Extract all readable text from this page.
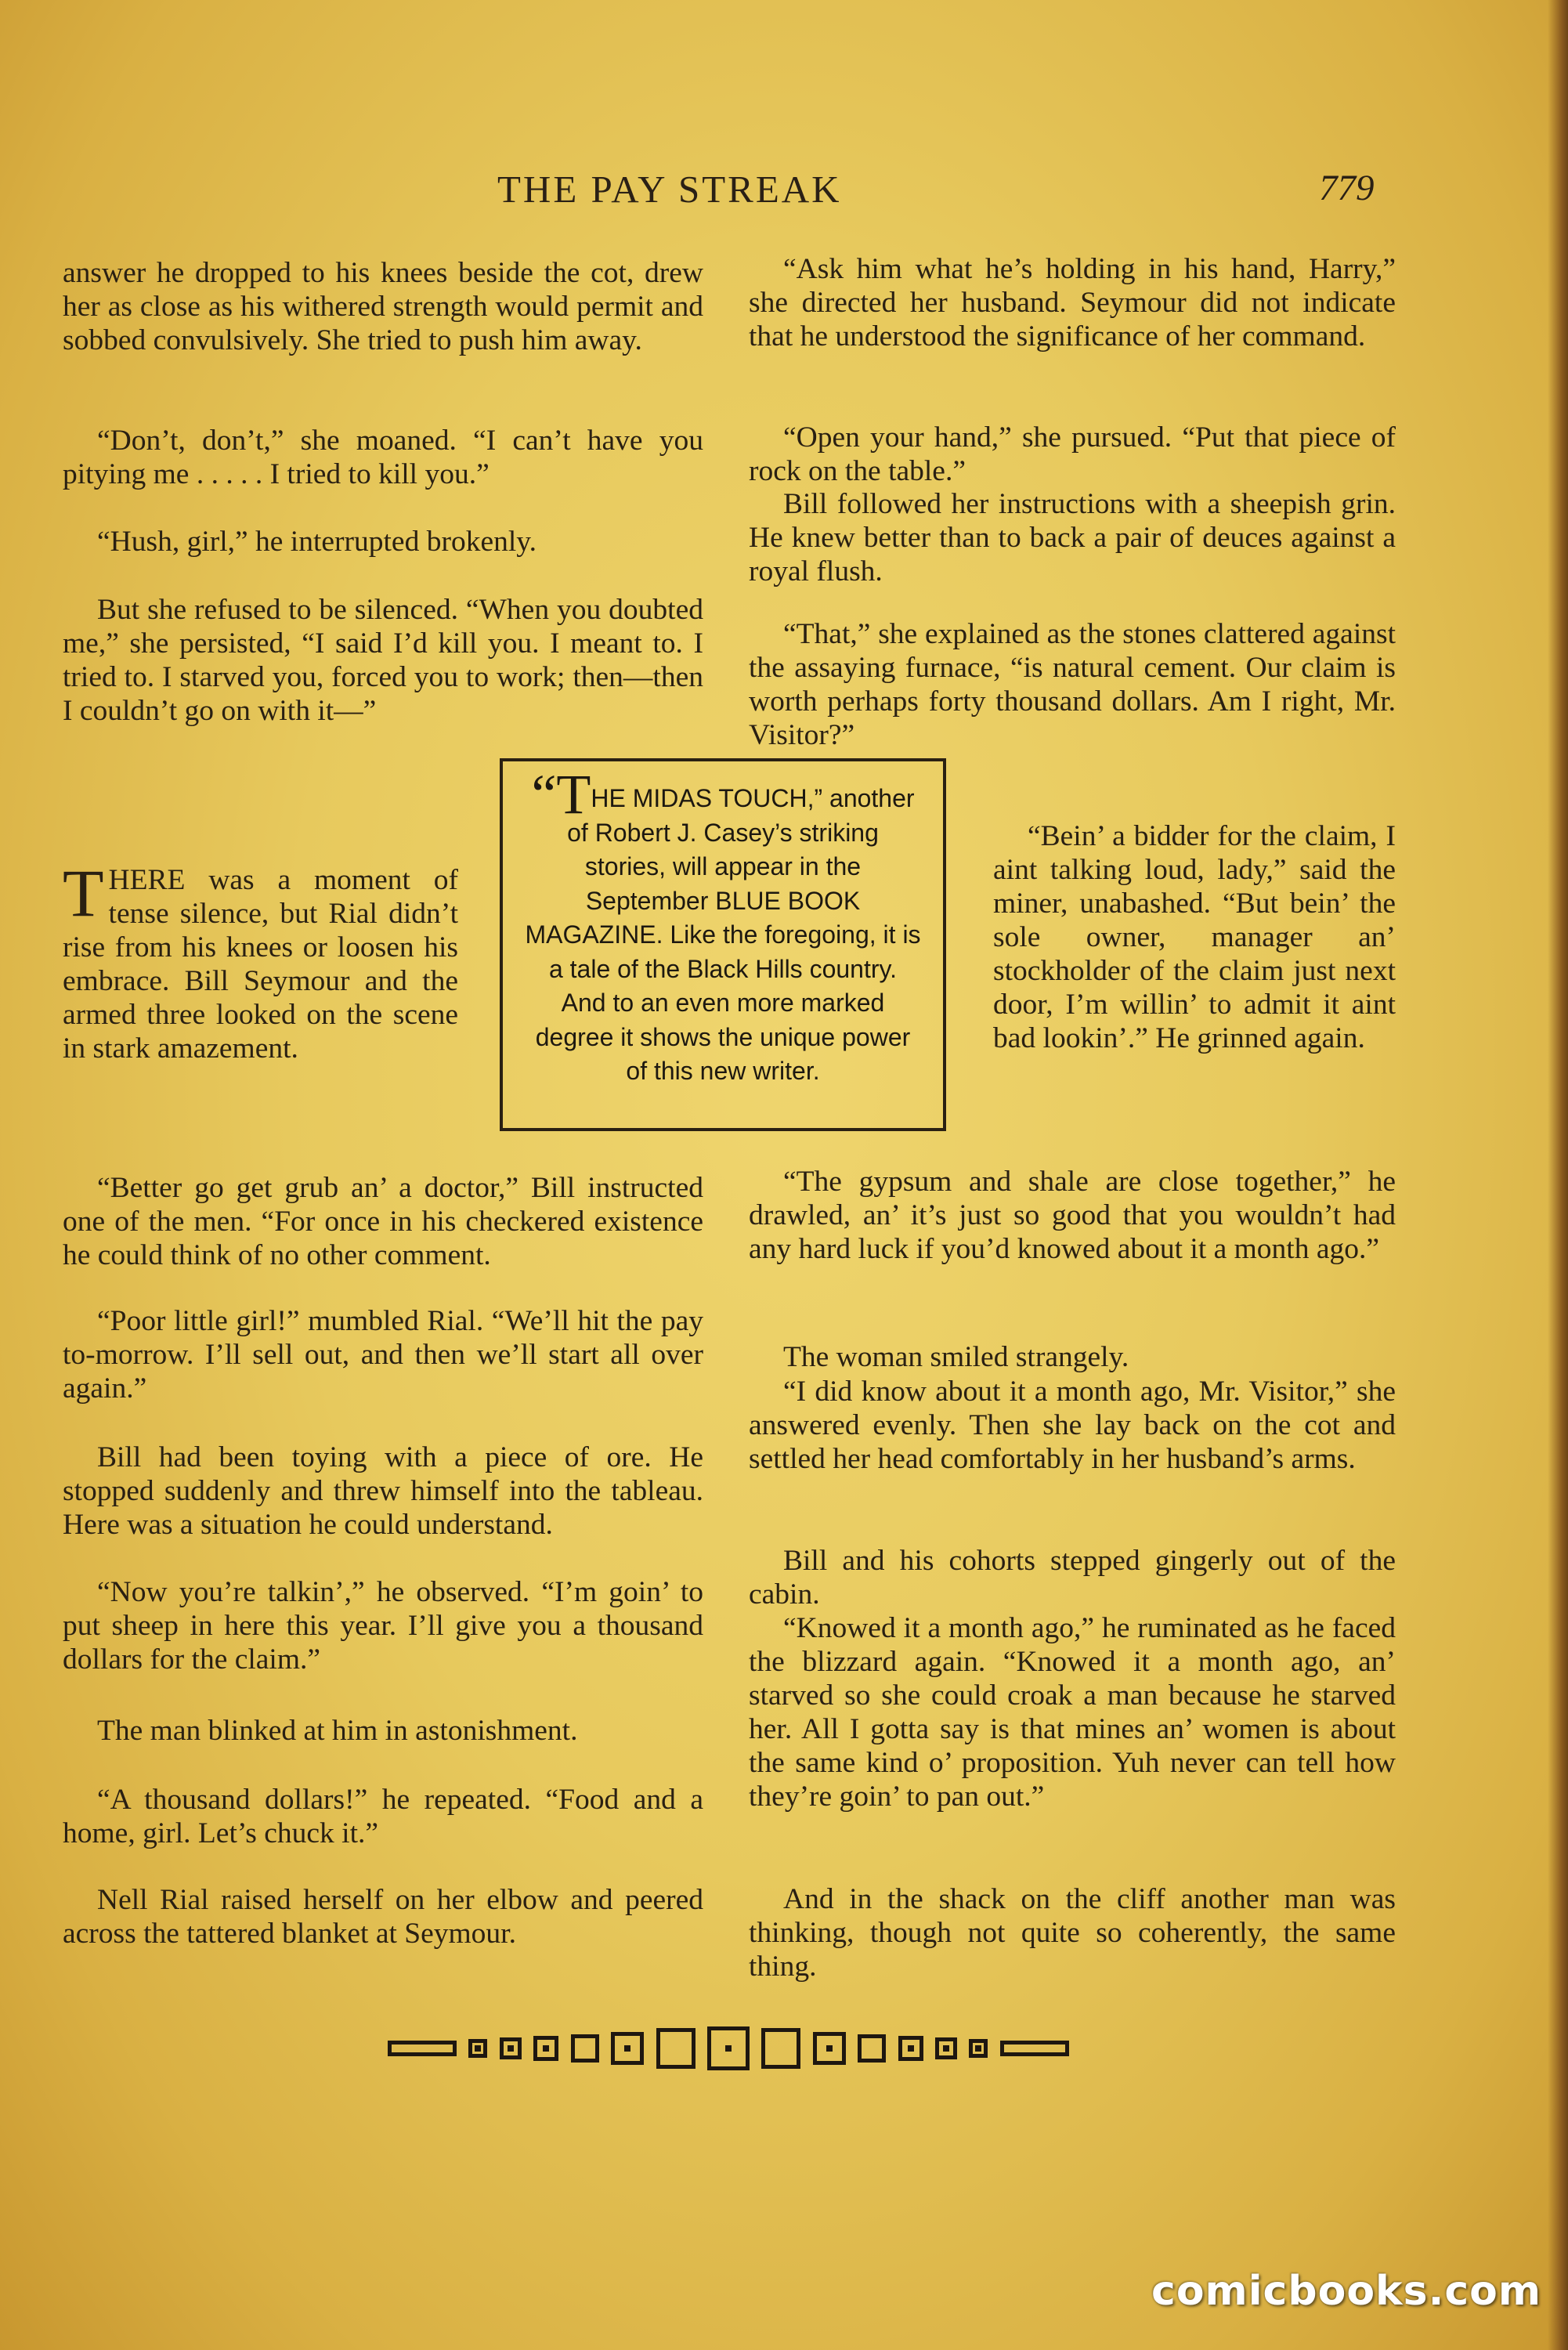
THE PAY STREAK	779

answer he dropped to his knees beside the cot, drew her as close as his withered strength would permit and sobbed convulsively. She tried to push him away.

“Don’t, don’t,” she moaned. “I can’t have you pitying me . . . . . I tried to kill you.”

“Hush, girl,” he interrupted brokenly.

But she refused to be silenced. “When you doubted me,” she persisted, “I said I’d kill you. I meant to. I tried to. I starved you, forced you to work; then—then I couldn’t go on with it—”

THERE was a moment of tense silence, but Rial didn’t rise from his knees or loosen his embrace. Bill Seymour and the armed three looked on the scene in stark amazement.

“Better go get grub an’ a doctor,” Bill instructed one of the men. “For once in his checkered existence he could think of no other comment.

“Poor little girl!” mumbled Rial. “We’ll hit the pay to-morrow. I’ll sell out, and then we’ll start all over again.”

Bill had been toying with a piece of ore. He stopped suddenly and threw himself into the tableau. Here was a situation he could understand.

“Now you’re talkin’,” he observed. “I’m goin’ to put sheep in here this year. I’ll give you a thousand dollars for the claim.”

The man blinked at him in astonishment.

“A thousand dollars!” he repeated. “Food and a home, girl. Let’s chuck it.”

Nell Rial raised herself on her elbow and peered across the tattered blanket at Seymour.

“THE MIDAS TOUCH,” another of Robert J. Casey’s striking stories, will appear in the September BLUE BOOK MAGAZINE. Like the foregoing, it is a tale of the Black Hills country. And to an even more marked degree it shows the unique power of this new writer.

“Ask him what he’s holding in his hand, Harry,” she directed her husband. Seymour did not indicate that he understood the significance of her command.

“Open your hand,” she pursued. “Put that piece of rock on the table.”

Bill followed her instructions with a sheepish grin. He knew better than to back a pair of deuces against a royal flush.

“That,” she explained as the stones clattered against the assaying furnace, “is natural cement. Our claim is worth perhaps forty thousand dollars. Am I right, Mr. Visitor?”

“Bein’ a bidder for the claim, I aint talking loud, lady,” said the miner, unabashed. “But bein’ the sole owner, manager an’ stockholder of the claim just next door, I’m willin’ to admit it aint bad lookin’.” He grinned again.

“The gypsum and shale are close together,” he drawled, an’ it’s just so good that you wouldn’t had any hard luck if you’d knowed about it a month ago.”

The woman smiled strangely.

“I did know about it a month ago, Mr. Visitor,” she answered evenly. Then she lay back on the cot and settled her head comfortably in her husband’s arms.

Bill and his cohorts stepped gingerly out of the cabin.

“Knowed it a month ago,” he ruminated as he faced the blizzard again. “Knowed it a month ago, an’ starved so she could croak a man because he starved her. All I gotta say is that mines an’ women is about the same kind o’ proposition. Yuh never can tell how they’re goin’ to pan out.”

And in the shack on the cliff another man was thinking, though not quite so coherently, the same thing.

comicbooks.com
